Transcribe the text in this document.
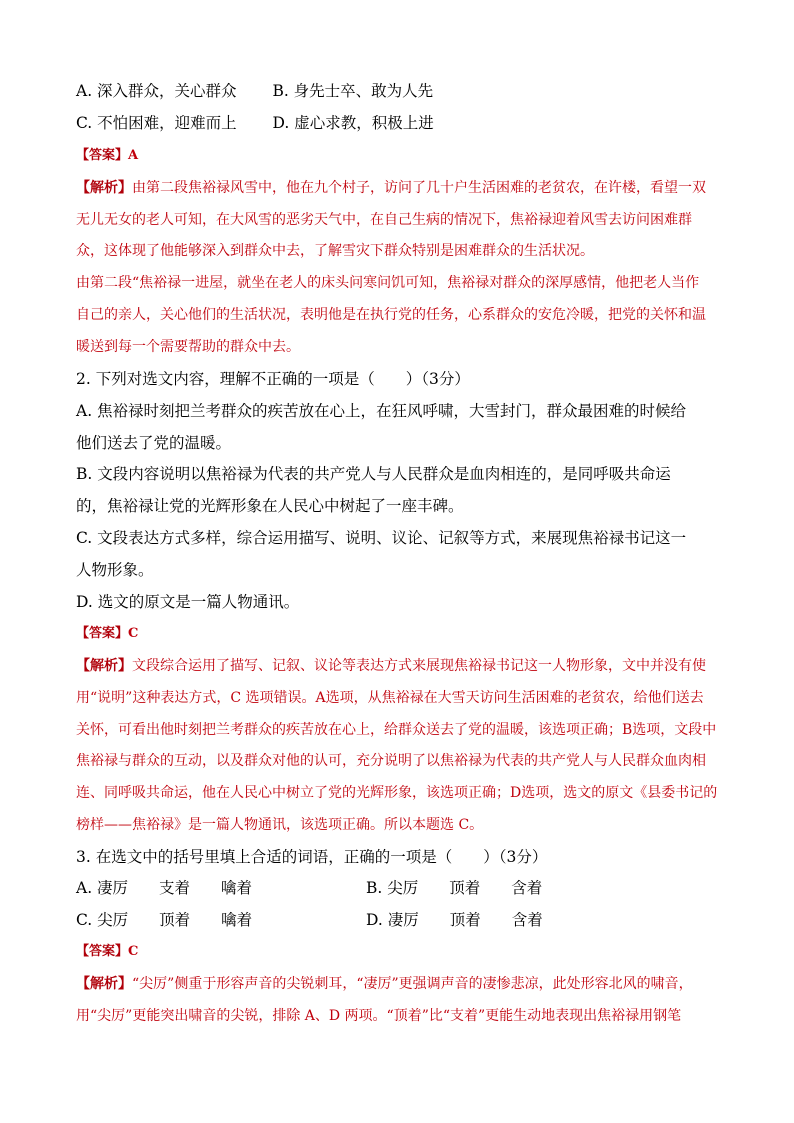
A. 深入群众，关心群众 B. 身先士卒、敢为人先
C. 不怕困难，迎难而上 D. 虚心求教，积极上进
【答案】A
【解析】由第二段焦裕禄风雪中，他在九个村子，访问了几十户生活困难的老贫农，在许楼，看望一双
无儿无女的老人可知，在大风雪的恶劣天气中，在自己生病的情况下，焦裕禄迎着风雪去访问困难群
众，这体现了他能够深入到群众中去，了解雪灾下群众特别是困难群众的生活状况。
由第二段“焦裕禄一进屋，就坐在老人的床头问寒问饥可知，焦裕禄对群众的深厚感情，他把老人当作
自己的亲人，关心他们的生活状况，表明他是在执行党的任务，心系群众的安危冷暖，把党的关怀和温
暖送到每一个需要帮助的群众中去。
2. 下列对选文内容，理解不正确的一项是（　　）（3分）
A. 焦裕禄时刻把兰考群众的疾苦放在心上，在狂风呼啸，大雪封门，群众最困难的时候给
他们送去了党的温暖。
B. 文段内容说明以焦裕禄为代表的共产党人与人民群众是血肉相连的，是同呼吸共命运
的，焦裕禄让党的光辉形象在人民心中树起了一座丰碑。
C. 文段表达方式多样，综合运用描写、说明、议论、记叙等方式，来展现焦裕禄书记这一
人物形象。
D. 选文的原文是一篇人物通讯。
【答案】C
【解析】文段综合运用了描写、记叙、议论等表达方式来展现焦裕禄书记这一人物形象，文中并没有使
用“说明”这种表达方式，C 选项错误。A选项，从焦裕禄在大雪天访问生活困难的老贫农，给他们送去
关怀，可看出他时刻把兰考群众的疾苦放在心上，给群众送去了党的温暖，该选项正确；B选项，文段中
焦裕禄与群众的互动，以及群众对他的认可，充分说明了以焦裕禄为代表的共产党人与人民群众血肉相
连、同呼吸共命运，他在人民心中树立了党的光辉形象，该选项正确；D选项，选文的原文《县委书记的
榜样——焦裕禄》是一篇人物通讯，该选项正确。所以本题选 C。
3. 在选文中的括号里填上合适的词语，正确的一项是（　　）（3分）
A. 凄厉　　支着　　噙着	B. 尖厉　　顶着　　含着
C. 尖厉　　顶着　　噙着	D. 凄厉　　顶着　　含着
【答案】C
【解析】“尖厉”侧重于形容声音的尖锐刺耳，“凄厉”更强调声音的凄惨悲凉，此处形容北风的啸音，
用“尖厉”更能突出啸音的尖锐，排除 A、D 两项。“顶着”比“支着”更能生动地表现出焦裕禄用钢笔
